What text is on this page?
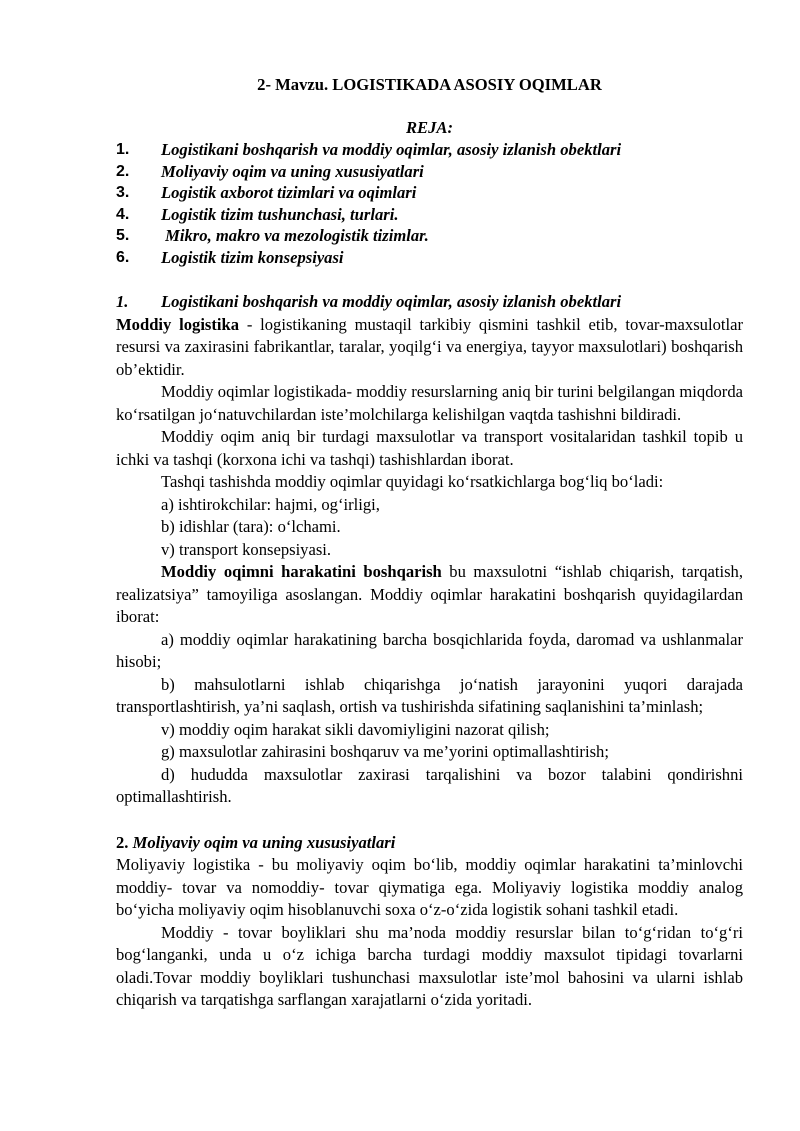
2- Mavzu. LOGISTIKADA ASOSIY OQIMLAR
REJA:
1.	Logistikani boshqarish va moddiy oqimlar, asosiy izlanish obektlari
2.	Moliyaviy oqim va uning xususiyatlari
3.	Logistik axborot tizimlari va oqimlari
4.	Logistik tizim tushunchasi, turlari.
5.	Mikro, makro va mezologistik tizimlar.
6.	Logistik tizim konsepsiyasi
1.	Logistikani boshqarish va moddiy oqimlar, asosiy izlanish obektlari

Moddiy logistika - logistikaning mustaqil tarkibiy qismini tashkil etib, tovar-maxsulotlar resursi va zaxirasini fabrikantlar, taralar, yoqilg‘i va energiya, tayyor maxsulotlari) boshqarish ob’ektidir.

Moddiy oqimlar logistikada- moddiy resurslarning aniq bir turini belgilangan miqdorda ko‘rsatilgan jo‘natuvchilardan iste’molchilarga kelishilgan vaqtda tashishni bildiradi.

Moddiy oqim aniq bir turdagi maxsulotlar va transport vositalaridan tashkil topib u ichki va tashqi (korxona ichi va tashqi) tashishlardan iborat.

Tashqi tashishda moddiy oqimlar quyidagi ko‘rsatkichlarga bog‘liq bo‘ladi:

a) ishtirokchilar: hajmi, og‘irligi,

b) idishlar (tara): o‘lchami.

v) transport konsepsiyasi.

Moddiy oqimni harakatini boshqarish bu maxsulotni “ishlab chiqarish, tarqatish, realizatsiya” tamoyiliga asoslangan. Moddiy oqimlar harakatini boshqarish quyidagilardan iborat:

a) moddiy oqimlar harakatining barcha bosqichlarida foyda, daromad va ushlanmalar hisobi;

b) mahsulotlarni ishlab chiqarishga jo‘natish jarayonini yuqori darajada transportlashtirish, ya’ni saqlash, ortish va tushirishda sifatining saqlanishini ta’minlash;

v) moddiy oqim harakat sikli davomiyligini nazorat qilish;

g) maxsulotlar zahirasini boshqaruv va me’yorini optimallashtirish;

d) hududda maxsulotlar zaxirasi tarqalishini va bozor talabini qondirishni optimallashtirish.

2. Moliyaviy oqim va uning xususiyatlari

Moliyaviy logistika - bu moliyaviy oqim bo‘lib, moddiy oqimlar harakatini ta’minlovchi moddiy- tovar va nomoddiy- tovar qiymatiga ega. Moliyaviy logistika moddiy analog bo‘yicha moliyaviy oqim hisoblanuvchi soxa o‘z-o‘zida logistik sohani tashkil etadi.

Moddiy - tovar boyliklari shu ma’noda moddiy resurslar bilan to‘g‘ridan to‘g‘ri bog‘langanki, unda u o‘z ichiga barcha turdagi moddiy maxsulot tipidagi tovarlarni oladi.Tovar moddiy boyliklari tushunchasi maxsulotlar iste’mol bahosini va ularni ishlab chiqarish va tarqatishga sarflangan xarajatlarni o‘zida yoritadi.
